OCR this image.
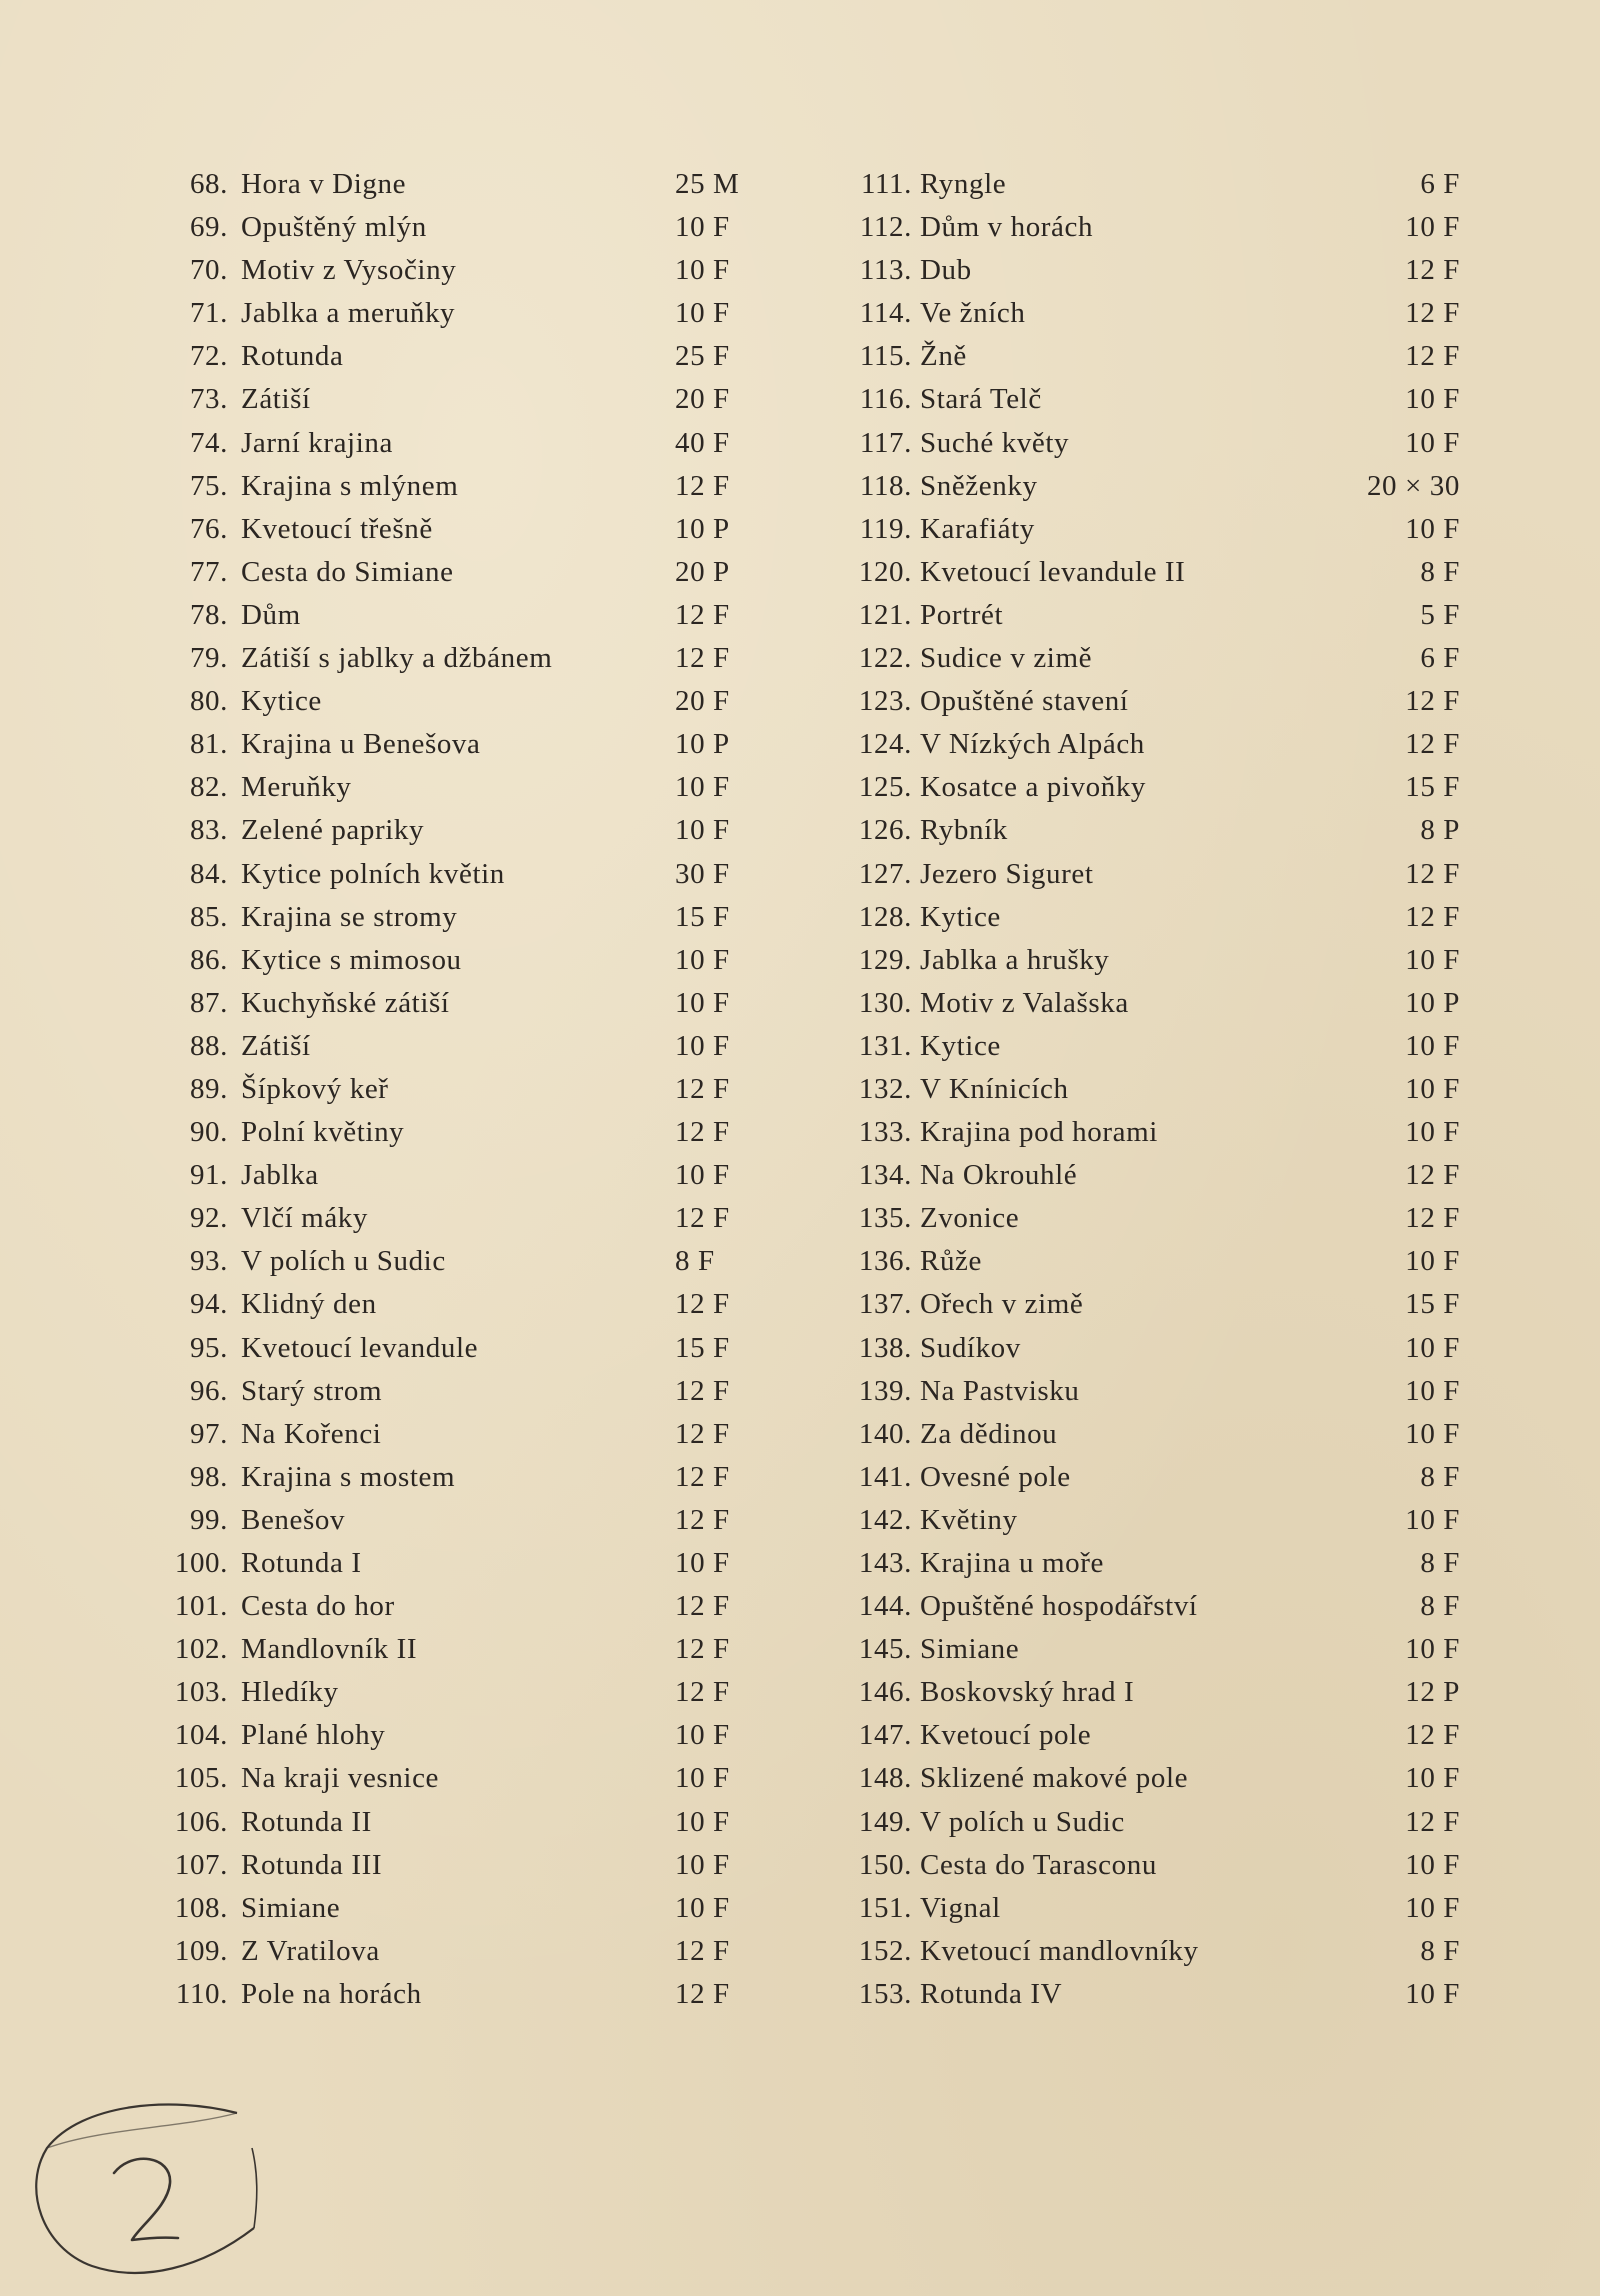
68. Hora v Digne	25 M
69. Opuštěný mlýn	10 F
70. Motiv z Vysočiny	10 F
71. Jablka a meruňky	10 F
72. Rotunda	25 F
73. Zátiší	20 F
74. Jarní krajina	40 F
75. Krajina s mlýnem	12 F
76. Kvetoucí třešně	10 P
77. Cesta do Simiane	20 P
78. Dům	12 F
79. Zátiší s jablky a džbánem	12 F
80. Kytice	20 F
81. Krajina u Benešova	10 P
82. Meruňky	10 F
83. Zelené papriky	10 F
84. Kytice polních květin	30 F
85. Krajina se stromy	15 F
86. Kytice s mimosou	10 F
87. Kuchyňské zátiší	10 F
88. Zátiší	10 F
89. Šípkový keř	12 F
90. Polní květiny	12 F
91. Jablka	10 F
92. Vlčí máky	12 F
93. V polích u Sudic	8 F
94. Klidný den	12 F
95. Kvetoucí levandule	15 F
96. Starý strom	12 F
97. Na Kořenci	12 F
98. Krajina s mostem	12 F
99. Benešov	12 F
100. Rotunda I	10 F
101. Cesta do hor	12 F
102. Mandlovník II	12 F
103. Hledíky	12 F
104. Plané hlohy	10 F
105. Na kraji vesnice	10 F
106. Rotunda II	10 F
107. Rotunda III	10 F
108. Simiane	10 F
109. Z Vratilova	12 F
110. Pole na horách	12 F
111. Ryngle	6 F
112. Dům v horách	10 F
113. Dub	12 F
114. Ve žních	12 F
115. Žně	12 F
116. Stará Telč	10 F
117. Suché květy	10 F
118. Sněženky	20 × 30
119. Karafiáty	10 F
120. Kvetoucí levandule II	8 F
121. Portrét	5 F
122. Sudice v zimě	6 F
123. Opuštěné stavení	12 F
124. V Nízkých Alpách	12 F
125. Kosatce a pivoňky	15 F
126. Rybník	8 P
127. Jezero Siguret	12 F
128. Kytice	12 F
129. Jablka a hrušky	10 F
130. Motiv z Valašska	10 P
131. Kytice	10 F
132. V Knínicích	10 F
133. Krajina pod horami	10 F
134. Na Okrouhlé	12 F
135. Zvonice	12 F
136. Růže	10 F
137. Ořech v zimě	15 F
138. Sudíkov	10 F
139. Na Pastvisku	10 F
140. Za dědinou	10 F
141. Ovesné pole	8 F
142. Květiny	10 F
143. Krajina u moře	8 F
144. Opuštěné hospodářství	8 F
145. Simiane	10 F
146. Boskovský hrad I	12 P
147. Kvetoucí pole	12 F
148. Sklizené makové pole	10 F
149. V polích u Sudic	12 F
150. Cesta do Tarasconu	10 F
151. Vignal	10 F
152. Kvetoucí mandlovníky	8 F
153. Rotunda IV	10 F
